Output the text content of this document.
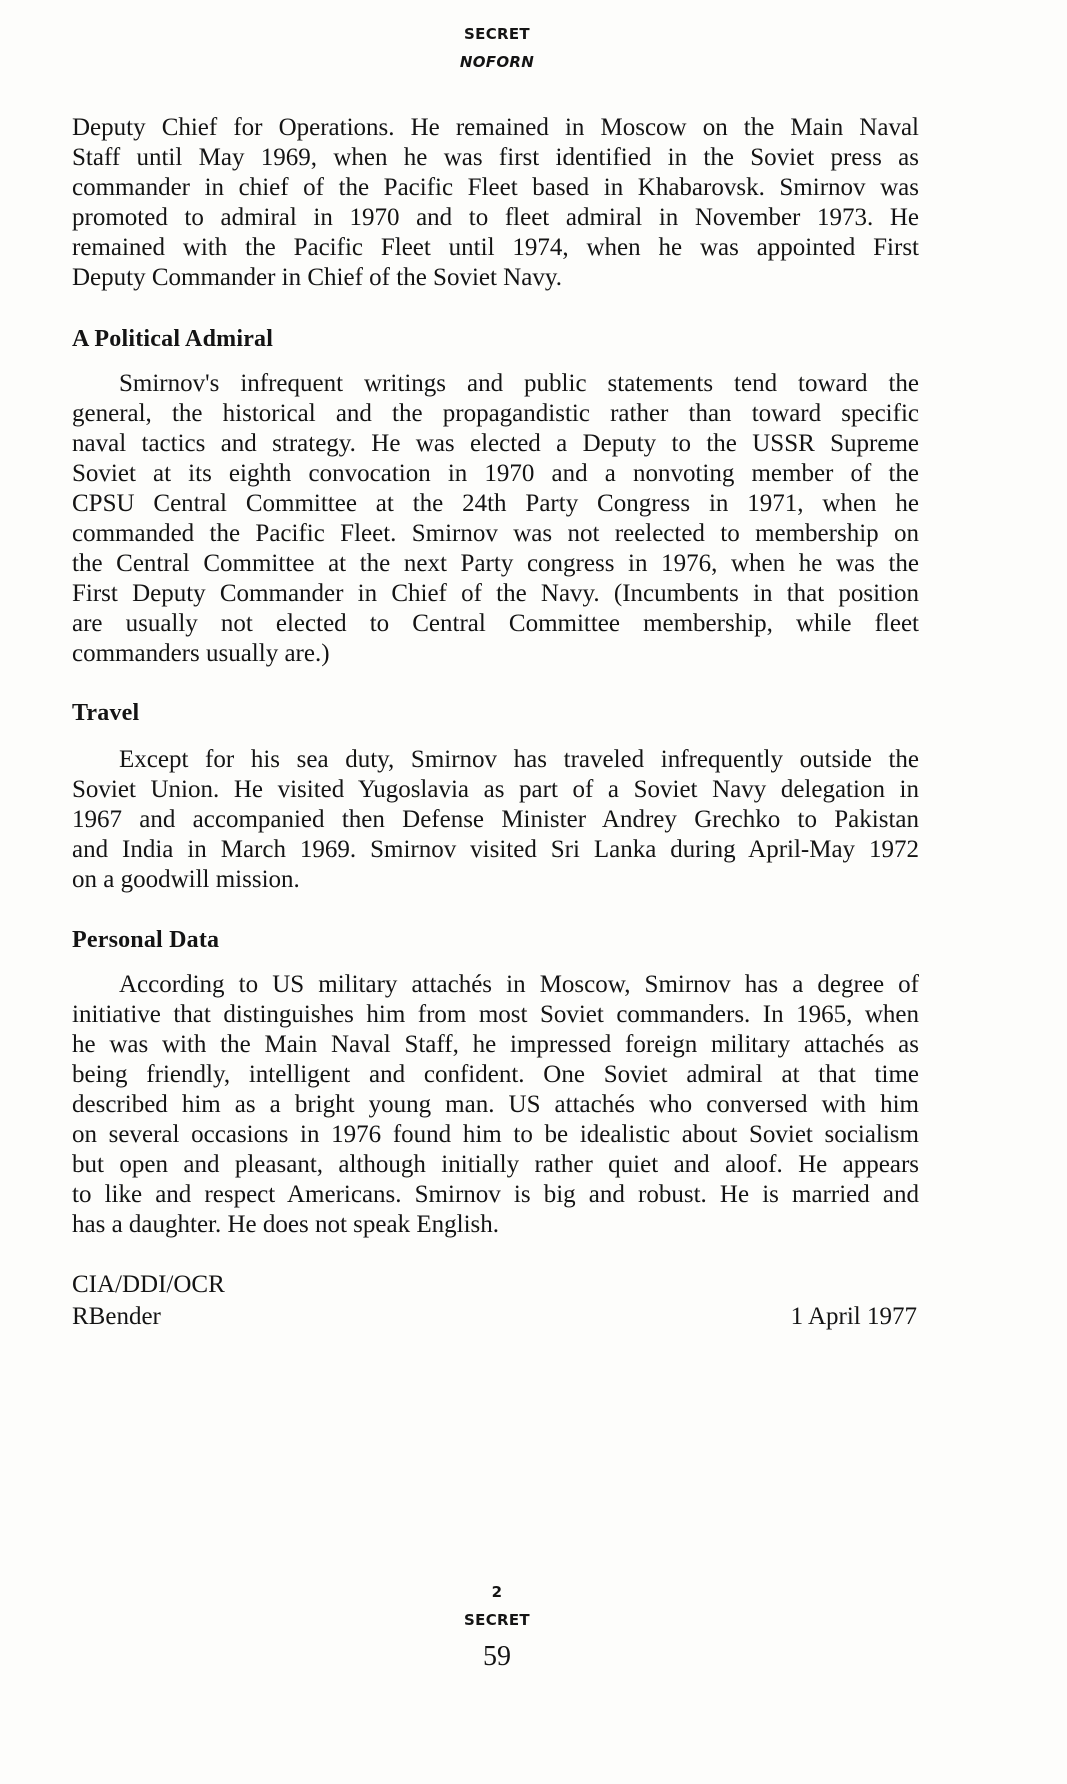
SECRET
NOFORN
Deputy Chief for Operations. He remained in Moscow on the Main Naval
Staff until May 1969, when he was first identified in the Soviet press as
commander in chief of the Pacific Fleet based in Khabarovsk. Smirnov was
promoted to admiral in 1970 and to fleet admiral in November 1973. He
remained with the Pacific Fleet until 1974, when he was appointed First
Deputy Commander in Chief of the Soviet Navy.
A Political Admiral
Smirnov's infrequent writings and public statements tend toward the
general, the historical and the propagandistic rather than toward specific
naval tactics and strategy. He was elected a Deputy to the USSR Supreme
Soviet at its eighth convocation in 1970 and a nonvoting member of the
CPSU Central Committee at the 24th Party Congress in 1971, when he
commanded the Pacific Fleet. Smirnov was not reelected to membership on
the Central Committee at the next Party congress in 1976, when he was the
First Deputy Commander in Chief of the Navy. (Incumbents in that position
are usually not elected to Central Committee membership, while fleet
commanders usually are.)
Travel
Except for his sea duty, Smirnov has traveled infrequently outside the
Soviet Union. He visited Yugoslavia as part of a Soviet Navy delegation in
1967 and accompanied then Defense Minister Andrey Grechko to Pakistan
and India in March 1969. Smirnov visited Sri Lanka during April-May 1972
on a goodwill mission.
Personal Data
According to US military attachés in Moscow, Smirnov has a degree of
initiative that distinguishes him from most Soviet commanders. In 1965, when
he was with the Main Naval Staff, he impressed foreign military attachés as
being friendly, intelligent and confident. One Soviet admiral at that time
described him as a bright young man. US attachés who conversed with him
on several occasions in 1976 found him to be idealistic about Soviet socialism
but open and pleasant, although initially rather quiet and aloof. He appears
to like and respect Americans. Smirnov is big and robust. He is married and
has a daughter. He does not speak English.
CIA/DDI/OCR
RBender	1 April 1977
2
SECRET
59
